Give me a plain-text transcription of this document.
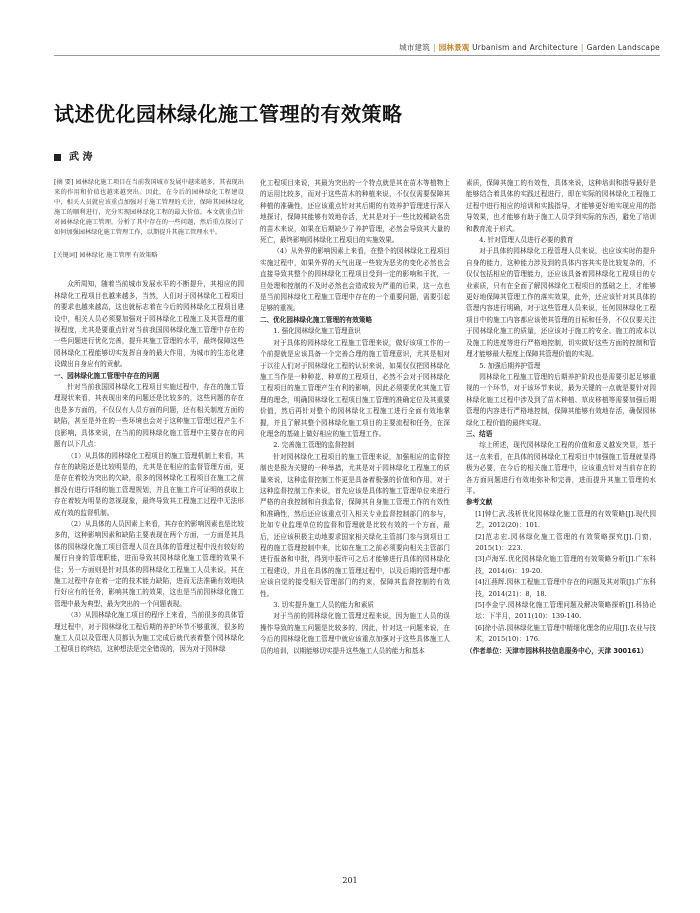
城市建筑 | 园林景观 Urbanism and Architecture | Garden Landscape
试述优化园林绿化施工管理的有效策略
武 涛

[摘 要] 园林绿化施工项目在当前我国城市发展中越来越多，其表现出来的作用和价值也越来越突出。因此，在今后的园林绿化工程建设中，相关人员就应该重点加强对于施工管理的关注，保障其园林绿化施工的顺利进行，充分实现园林绿化工程的最大价值。本文就重点针对园林绿化施工管理，分析了其中存在的一些问题，然后重点探讨了如何加强园林绿化施工管理工作，以期提升其施工管理水平。

[关键词] 园林绿化 施工管理 有效策略

众所周知，随着当前城市发展水平的不断提升，其相应的园林绿化工程项目也越来越多，当然，人们对于园林绿化工程项目的要求也越来越高，这也就标志着在今后的园林绿化工程项目建设中，相关人员必须要加强对于园林绿化工程施工及其管理的重视程度，尤其是要重点针对当前我国园林绿化施工管理中存在的一些问题进行优化完善，提升其施工管理的水平，最终保障这些园林绿化工程能够切实发挥自身的最大作用，为城市的生态化建设做出自身应有的贡献。

一、园林绿化施工管理中存在的问题

针对当前我国园林绿化工程项目实施过程中，存在的施工管理现状来看，其表现出来的问题还是比较多的，这些问题的存在也是多方面的，不仅仅有人员方面的问题，还有相关制度方面的缺陷，甚至是外在的一些环境也会对于这种施工管理过程产生不良影响，具体来说，在当前的园林绿化施工管理中主要存在的问题有以下几点：

（1）从具体的园林绿化工程项目的施工管理机制上来看，其存在的缺陷还是比较明显的，尤其是在相应的监督管理方面，更是存在着较为突出的欠缺，很多的园林绿化工程项目在施工之前都没有进行详细的施工管理规划，并且在施工许可证明的获取上存在着较为明显的忽视现象，最终导致其工程施工过程中无法形成有效的监督机制。

（2）从具体的人员因素上来看，其存在的影响因素也是比较多的，这种影响因素和缺陷主要表现在两个方面，一方面是其具体的园林绿化施工项目管理人员在具体的管理过程中没有较好的履行自身的管理职能，进而导致其园林绿化施工管理的效果不佳；另一方面则是针对具体的园林绿化工程施工人员来说，其在施工过程中存在着一定的技术能力缺陷，进而无法准确有效地执行好应有的任务，影响其施工的效果，这也是当前园林绿化施工管理中最为典型、最为突出的一个问题表现。

（3）从园林绿化施工项目的程序上来看，当前很多的具体管理过程中，对于园林绿化工程后期的养护环节不够重视，很多的施工人员以及管理人员都认为施工完成后就代表着整个园林绿化工程项目的终结，这种想法是完全错误的，因为对于园林绿

化工程项目来说，其最为突出的一个特点就是其在苗木等植物上的运用比较多，而对于这些苗木的种植来说，不仅仅需要保障其种植的准确性，还应该重点针对其后期的有效养护管理进行深入地探讨，保障其能够有效地存活，尤其是对于一些比较稀缺名贵的苗木来说，如果在后期缺少了养护管理，必然会导致其大量的死亡，最终影响园林绿化工程项目的实施效果。

（4）从外界的影响因素上来看，在整个的园林绿化工程项目实施过程中，如果外界的天气出现一些较为恶劣的变化必然也会直接导致其整个的园林绿化工程项目受到一定的影响和干扰，一旦处理和控制的不及时必然也会造成较为严重的后果，这一点也是当前园林绿化工程施工管理中存在的一个重要问题，需要引起足够的重视。

二、优化园林绿化施工管理的有效策略

1. 强化园林绿化施工管理意识

对于具体的园林绿化工程施工管理来说，做好该项工作的一个前提就是应该具备一个完善合理的施工管理意识，尤其是相对于以往人们对于园林绿化工程的认识来说，如果仅仅把园林绿化施工当作是一种种花、种草的工程项目，必然不会对于园林绿化工程项目的施工管理产生有利的影响，因此必须要优化其施工管理的理念，明确园林绿化工程项目施工管理的准确定位及其重要价值，然后再针对整个的园林绿化工程施工进行全面有效地掌握，并且了解其整个园林绿化施工项目的主要流程和任务，在深化理念的基础上做好相应的施工管理工作。

2. 完善施工管理的监督控制

针对园林绿化工程项目的施工管理来说，加强相应的监督控制也是极为关键的一种举措，尤其是对于园林绿化工程施工的质量来说，这种监督控制工作更是具备着极强的价值和作用，对于这种监督控制工作来说，首先应该是具体的施工管理单位来进行严格的自我控制和自我监督，保障其自身施工管理工作的有效性和准确性，然后还应该重点引入相关专业监督控制部门的参与，比如专业监理单位的监督和管理就是比较有效的一个方面，最后，还应该积极主动地要求国家相关绿化主管部门参与到项目工程的施工管理控制中来，比如在施工之前必须要向相关主管部门进行报备和申批，得到申报许可之后才能够进行具体的园林绿化工程建设，并且在具体的施工管理过程中，以及后期的管理中都应该自觉的接受相关管理部门的约束，保障其监督控制的有效性。

3. 切实提升施工人员的能力和素质

对于当前的园林绿化施工管理过程来说，因为施工人员的误操作导致的施工问题是比较多的，因此，针对这一问题来说，在今后的园林绿化施工管理中就应该重点加强对于这些具体施工人员的培训，以期能够切实提升这些施工人员的能力和基本

素质，保障其施工的有效性，具体来说，这种培训和指导最好是能够结合着具体的实践过程进行，即在实际的园林绿化工程施工过程中进行相应的培训和实践指导，才能够更好地实现应用的指导效果，也才能够有助于施工人员学到实际的东西，避免了培训和教育流于形式。

4. 针对管理人员进行必要的教育

对于具体的园林绿化工程管理人员来说，也应该实时的提升自身的能力，这种能力涉及到的具体内容其实是比较复杂的，不仅仅包括相应的管理能力，还应该具备着园林绿化工程项目的专业素质，只有在全面了解园林绿化工程项目的基础之上，才能够更好地保障其管理工作的落实效果，此外，还应该针对其具体的管理内容进行明确，对于这些管理人员来说，任何园林绿化工程项目中的施工内容都应该使其管理的目标和任务，不仅仅要关注于园林绿化施工的质量，还应该对于施工的安全、施工的成本以及施工的进度等进行严格地控制，切实做好这些方面的控制和管理才能够最大程度上保障其管理价值的实现。

5. 加强后期养护管理

园林绿化工程施工管理的后期养护阶段也是需要引起足够重视的一个环节，对于该环节来说，最为关键的一点就是要针对园林绿化施工过程中涉及到了苗木种植、草皮移植等需要加强后期管理的内容进行严格地控制，保障其能够有效地存活，确保园林绿化工程价值的最终实现。

三、结语

综上所述，现代园林绿化工程的价值和意义越发突显，基于这一点来看，在具体的园林绿化工程项目中加强施工管理就显得极为必要，在今后的相关施工管理中，应该重点针对当前存在的各方面问题进行有效地弥补和完善，进而提升其施工管理的水平。

参考文献

[1]钟仁武.浅析优化园林绿化施工管理的有效策略[J].现代园艺，2012(20)：101.

[2]范志宏.园林绿化施工管理的有效策略探究[J].门窗，2015(1)：223.

[3]卢海军.优化园林绿化施工管理的有效策略分析[J].广东科技，2014(6)：19-20.

[4]江燕辉.园林工程施工管理中存在的问题及其对策[J].广东科技，2014(21)：8，18.

[5]李金宁.园林绿化施工管理问题及解决策略探析[J].科协论坛：下半月，2011(10)：139-140.

[6]徐小洁.园林绿化施工管理中精细化理念的应用[J].农业与技术，2015(10)：176.

（作者单位：天津市园林科技信息服务中心，天津 300161）

201
